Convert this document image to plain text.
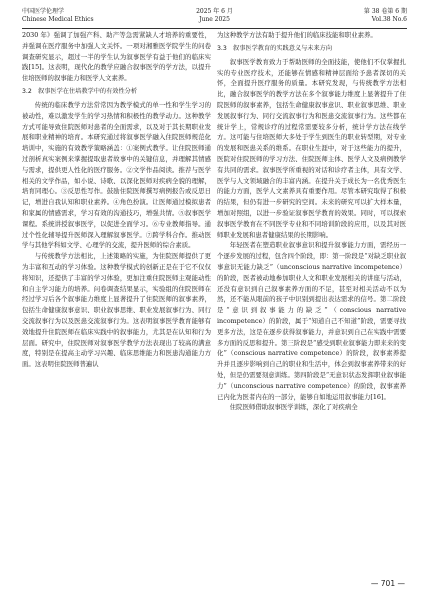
中国医学伦理学
Chinese Medical Ethics
2025 年 6 月
June 2025
第 38 卷第 6 期
Vol.38 No.6

2030 年》强调了加强产科、助产等急需紧缺人才培养的重要性，并强调在医疗服务中加强人文关怀。一项对湘雅医学院学生的问卷调查研究显示，超过一半的学生认为叙事医学有益于他们的临床实践[15]。这表明，现代化的教学应融合叙事医学的学方法，以提升住培医师的叙事能力和医学人文素养。

3.2　叙事医学在住培教学中的有效性分析

传统的临床教学方法常常因为教学模式的单一性和学生学习的被动性，难以激发学生的学习热情和积极性的教学动力。这种教学方式可能导致住院医师对患者的全面需求，以及对于其长期职业发展和职业精神的培育。本研究通过将叙事医学融入住院医师规范化培训中，实施的有效教学策略涵盖：①案例式教学。让住院医师通过剖析真实案例来掌握提取患者故事中的关键信息，并理解其情感与需求，提供更人性化的医疗服务。②文学作品阅读。推荐与医学相关的文学作品，如小说、诗歌、以深化医师对疾病全貌的理解，培育同理心。③反思性写作。鼓励住院医师撰写病例报告或反思日记，增进自我认知和职业素养。④角色扮演。让医师通过模拟患者和家属的情感需求，学习有效的沟通技巧，增强共情。⑤叙事医学课程。系统讲授叙事医学，以促进全面学习。⑥专业教师指导。通过个性化辅导提升医师深入理解叙事医学。⑦跨学科合作。推动医学与其他学科如文学、心理学的交流，提升医师的综合素质。

与传统教学方法相比，上述策略的实施，为住院医师提供了更为丰富和互动的学习体验。这种教学模式的创新正是在于它不仅仅将知识，还提供了丰富的学习体验，更加注重住院医师主观能动性和自主学习能力的培养。问卷调查结果显示，实验组的住院医师在经过学习后各个叙事能力维度上显著提升了住院医师的叙事素养，包括生命健康叙事意识、职业叙事思维、职业发展叙事行为、同行交流叙事行为以及医患交流叙事行为。这表明叙事医学教育能够有效地提升住院医师在临床实践中的叙事能力，尤其是在认知和行为层面。研究中，住院医师对叙事医学教学方法表现出了较高的满意度，特别是在提高主动学习兴趣、临床思维能力和医患沟通能力方面。这表明住院医师普遍认

为这种教学方法有助于提升他们的临床技能和职业素养。

3.3　叙事医学教育的实践意义与未来方向

叙事医学教育致力于帮助医师的全面技能，使他们不仅掌握扎实的专业医疗技术，还能够在情感和精神层面给予患者深切的关怀，全面提升医疗服务的质量。本研究发现，与传统教学方法相比，融合叙事医学的教学方法在多个叙事能力维度上显著提升了住院医师的叙事素养，包括生命健康叙事意识、职业叙事思维、职业发展叙事行为、同行交流叙事行为和医患交流叙事行为。这些都在统计学上，常规诊疗的过程常需要较多分析，统计学方法在线学方。这可能与住培医师大多处于学生到医生的职业转型期，对专业的发展和医患关系的维系。在职业生涯中，对于这些能力的提升，医院对住院医师的学习方法、住院医师主体、医学人文及病例教学有共同的需求。叙事医学所重视的对话和诊疗者主体，具有文学、医学与人文领域融合的丰富内涵。在提升关于成长为一名优秀医生的能力方面，医学人文素养具有重要作用。尽管本研究取得了积极的结果，但仍有进一步研究的空间。未来的研究可以扩大样本量，增加对照组，以进一步验证叙事医学教育的效果。同时，可以探索叙事医学教育在不同医学专业和不同培训阶段的应用，以及其对医师职业发展和患者健康结果的长期影响。

年轻医者在塑造职业叙事意识和提升叙事能力方面，需经历一个逐步发展的过程，包含四个阶段，即：第一阶段是“对缺乏职业叙事意识无能力缺乏”（unconscious narrative incompetence）的阶段，医者被动地参加职业人文和职业发展相关的讲座与活动，还没有意识到自己叙事素养方面的不足，甚至对相关活动不以为然，还不能从眼前的孩子中识别到提出表达需求的信号。第二阶段是“意识到叙事能力的缺乏”（conscious narrative incompetence）的阶段，属于“知道自己不知道”阶段，需要寻找更多方法，这是在逐步获得叙事能力，并意识到自己在实践中需要多方面的反思和提升。第三阶段是“感受到职业叙事能力即来来的变化”（conscious narrative competence）的阶段，叙事素养提升并且逐步影响到自己的职业和生活中，体会到叙事素养带来的好处，但是仍需要刻意训练。第四阶段是“无意识状态发挥职业叙事能力”（unconscious narrative competence）的阶段，叙事素养已内化为医者内在的一部分，能够自如地运用叙事能力[16]。

住院医师借助叙事医学训练，深化了对疾病全

— 701 —
